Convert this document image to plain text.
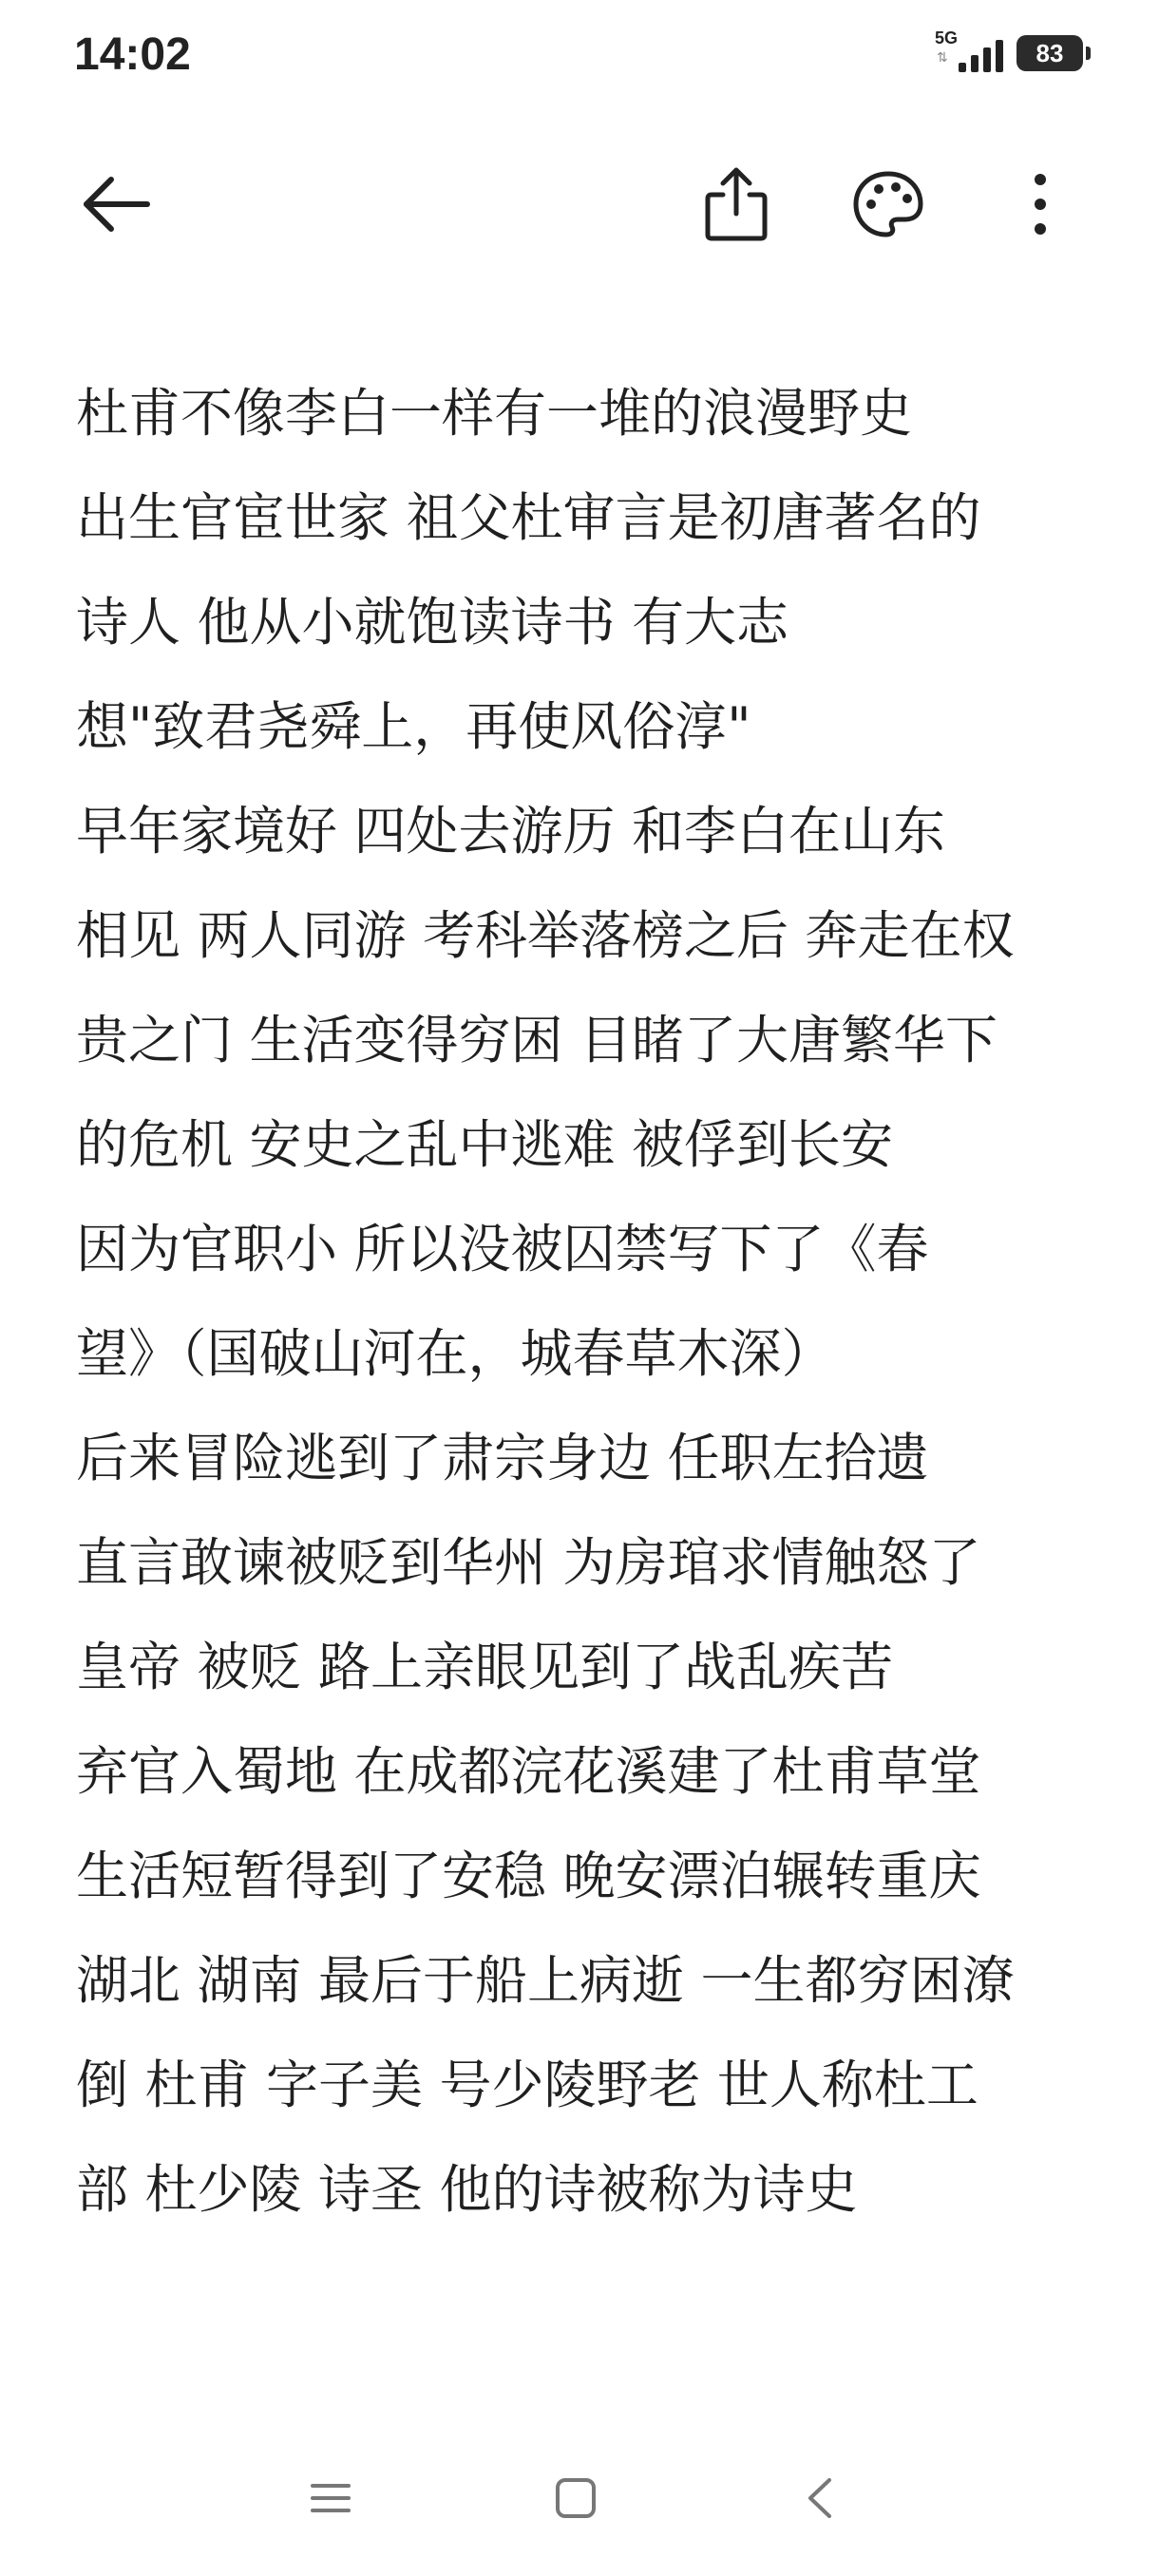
14:02	5G
⇅	83
杜甫不像李白一样有一堆的浪漫野史
出生官宦世家 祖父杜审言是初唐著名的
诗人 他从小就饱读诗书 有大志
想"致君尧舜上，再使风俗淳"
早年家境好 四处去游历 和李白在山东
相见 两人同游 考科举落榜之后 奔走在权
贵之门 生活变得穷困 目睹了大唐繁华下
的危机 安史之乱中逃难 被俘到长安
因为官职小 所以没被囚禁写下了《春
望》（国破山河在，城春草木深）
后来冒险逃到了肃宗身边 任职左拾遗
直言敢谏被贬到华州 为房琯求情触怒了
皇帝 被贬 路上亲眼见到了战乱疾苦
弃官入蜀地 在成都浣花溪建了杜甫草堂
生活短暂得到了安稳 晚安漂泊辗转重庆
湖北 湖南 最后于船上病逝 一生都穷困潦
倒 杜甫 字子美 号少陵野老 世人称杜工
部 杜少陵 诗圣 他的诗被称为诗史
